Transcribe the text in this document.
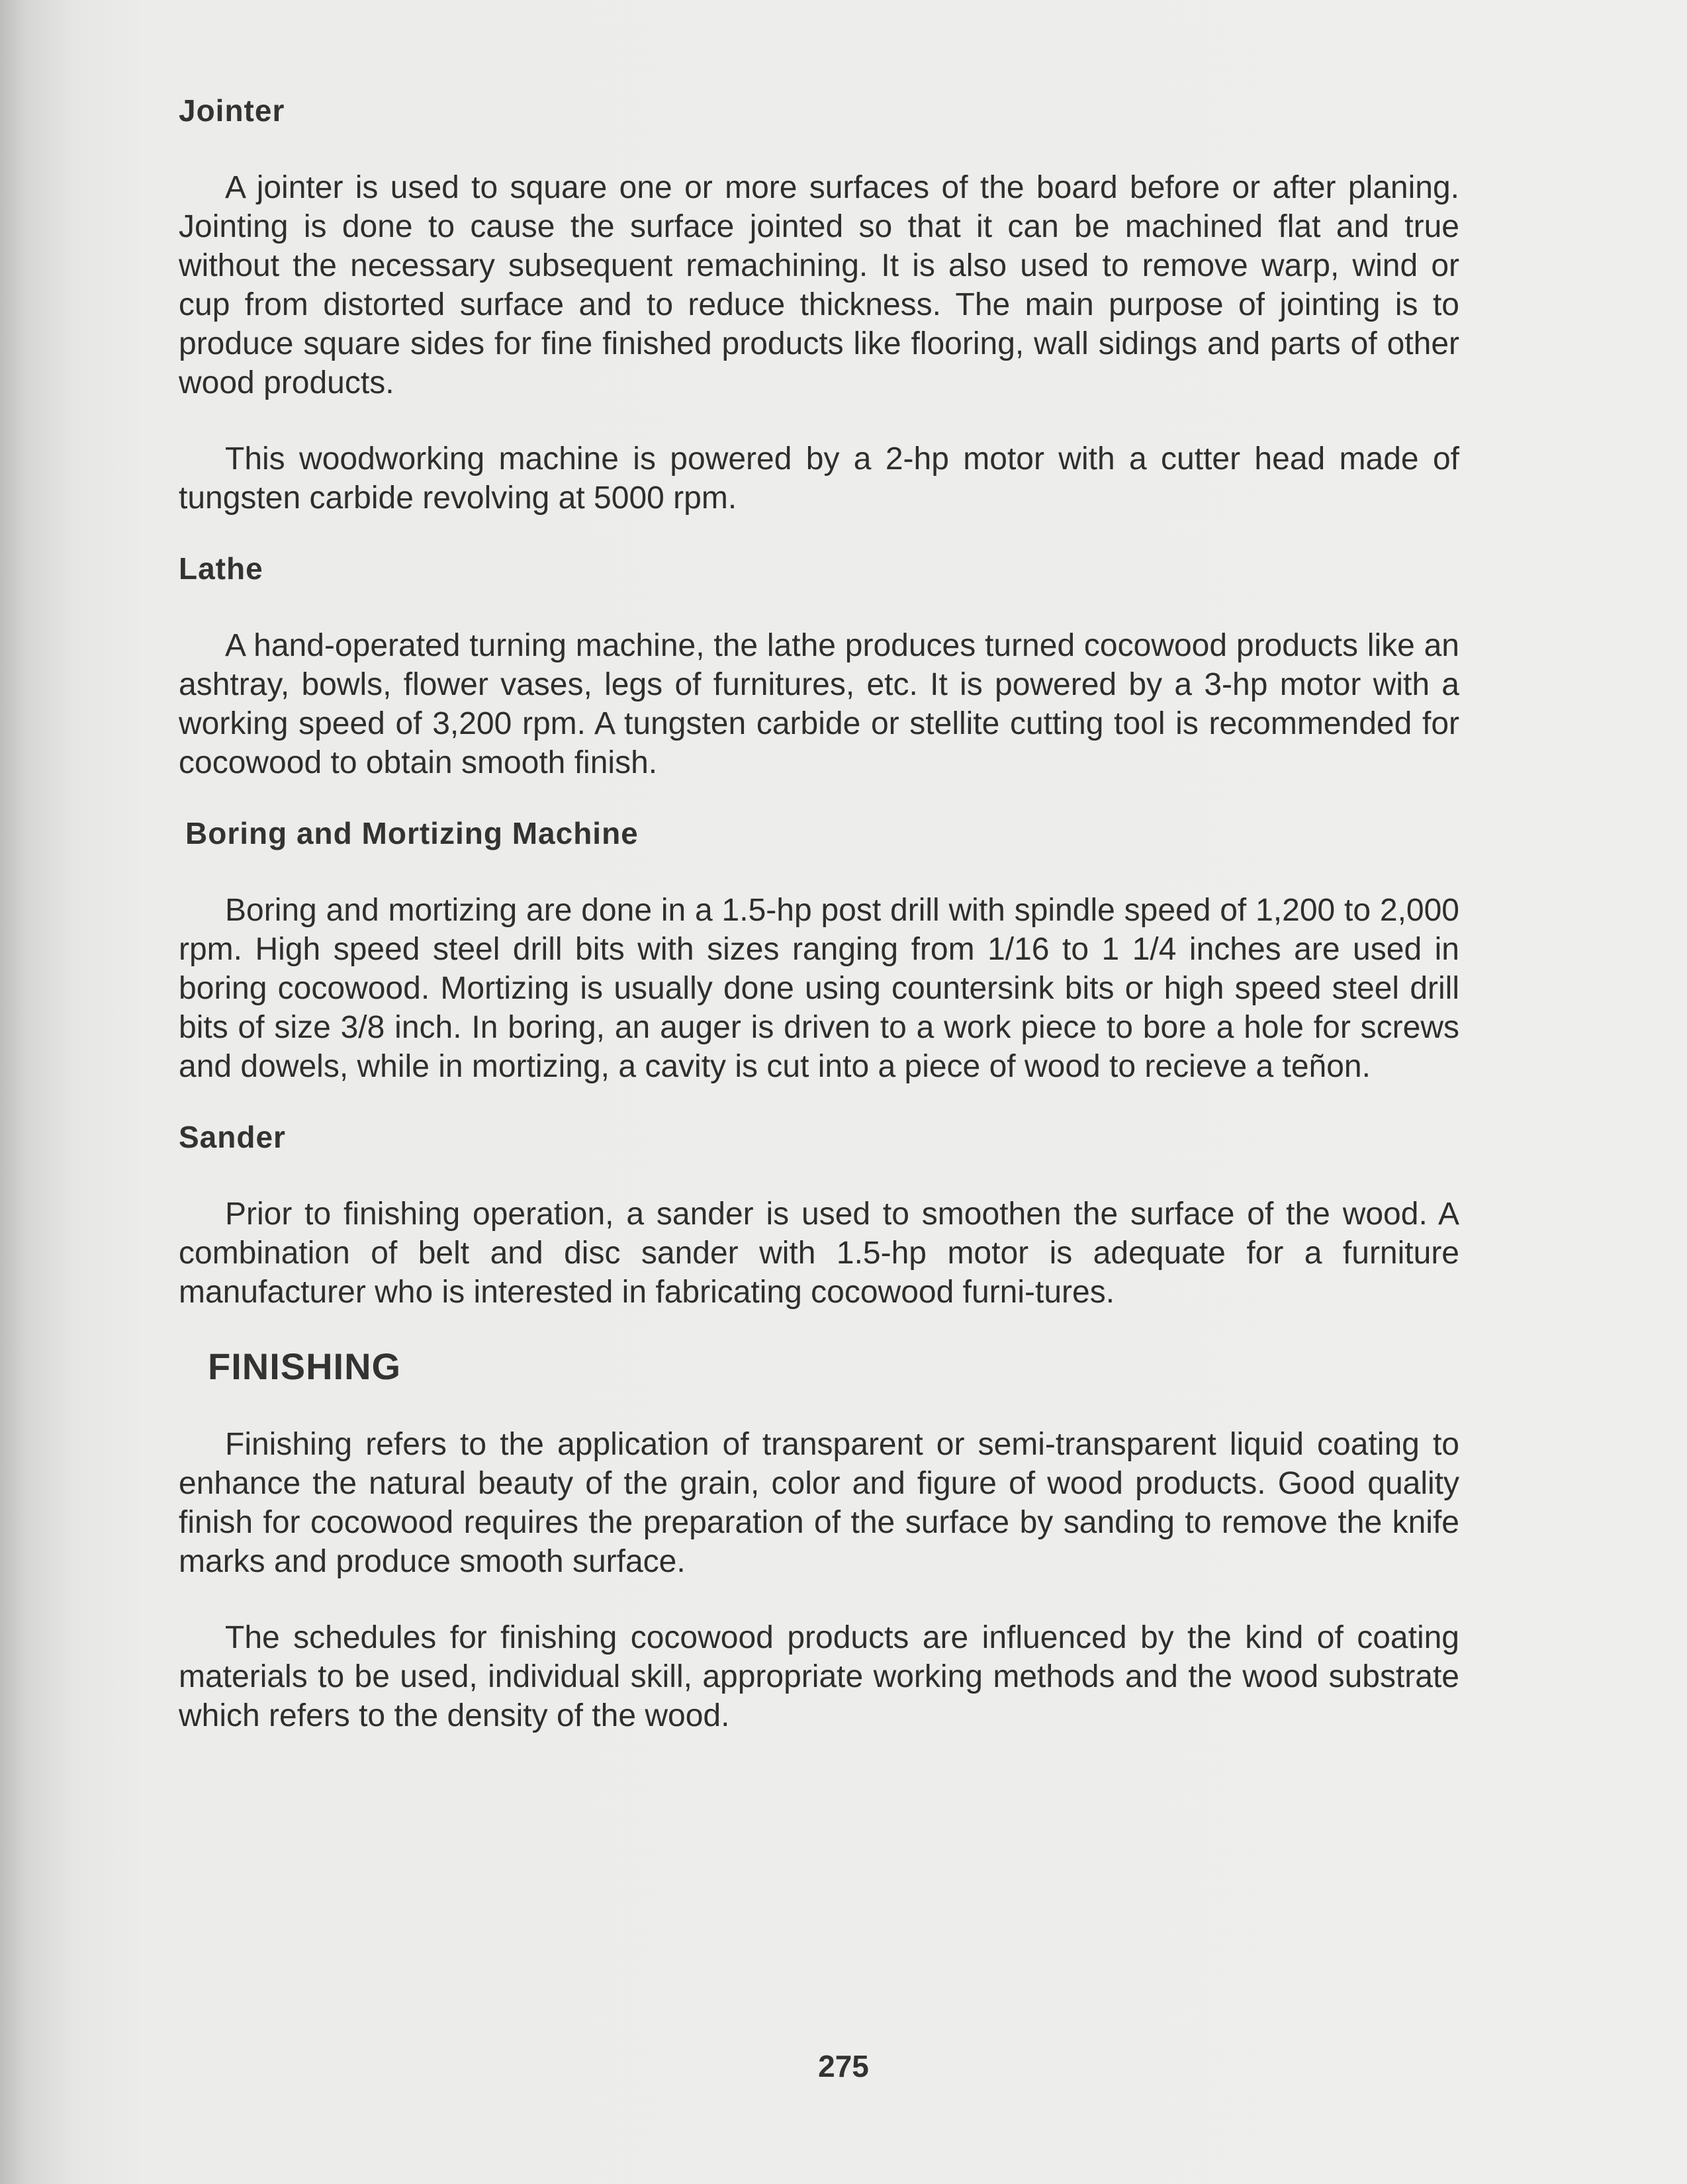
Jointer

A jointer is used to square one or more surfaces of the board before or after planing. Jointing is done to cause the surface jointed so that it can be machined flat and true without the necessary subsequent remachining. It is also used to remove warp, wind or cup from distorted surface and to reduce thickness. The main purpose of jointing is to produce square sides for fine finished products like flooring, wall sidings and parts of other wood products.

This woodworking machine is powered by a 2-hp motor with a cutter head made of tungsten carbide revolving at 5000 rpm.

Lathe

A hand-operated turning machine, the lathe produces turned cocowood products like an ashtray, bowls, flower vases, legs of furnitures, etc. It is powered by a 3-hp motor with a working speed of 3,200 rpm. A tungsten carbide or stellite cutting tool is recommended for cocowood to obtain smooth finish.

Boring and Mortizing Machine

Boring and mortizing are done in a 1.5-hp post drill with spindle speed of 1,200 to 2,000 rpm. High speed steel drill bits with sizes ranging from 1/16 to 1 1/4 inches are used in boring cocowood. Mortizing is usually done using countersink bits or high speed steel drill bits of size 3/8 inch. In boring, an auger is driven to a work piece to bore a hole for screws and dowels, while in mortizing, a cavity is cut into a piece of wood to recieve a teñon.

Sander

Prior to finishing operation, a sander is used to smoothen the surface of the wood. A combination of belt and disc sander with 1.5-hp motor is adequate for a furniture manufacturer who is interested in fabricating cocowood furni-tures.

FINISHING

Finishing refers to the application of transparent or semi-transparent liquid coating to enhance the natural beauty of the grain, color and figure of wood products. Good quality finish for cocowood requires the preparation of the surface by sanding to remove the knife marks and produce smooth surface.

The schedules for finishing cocowood products are influenced by the kind of coating materials to be used, individual skill, appropriate working methods and the wood substrate which refers to the density of the wood.

275
